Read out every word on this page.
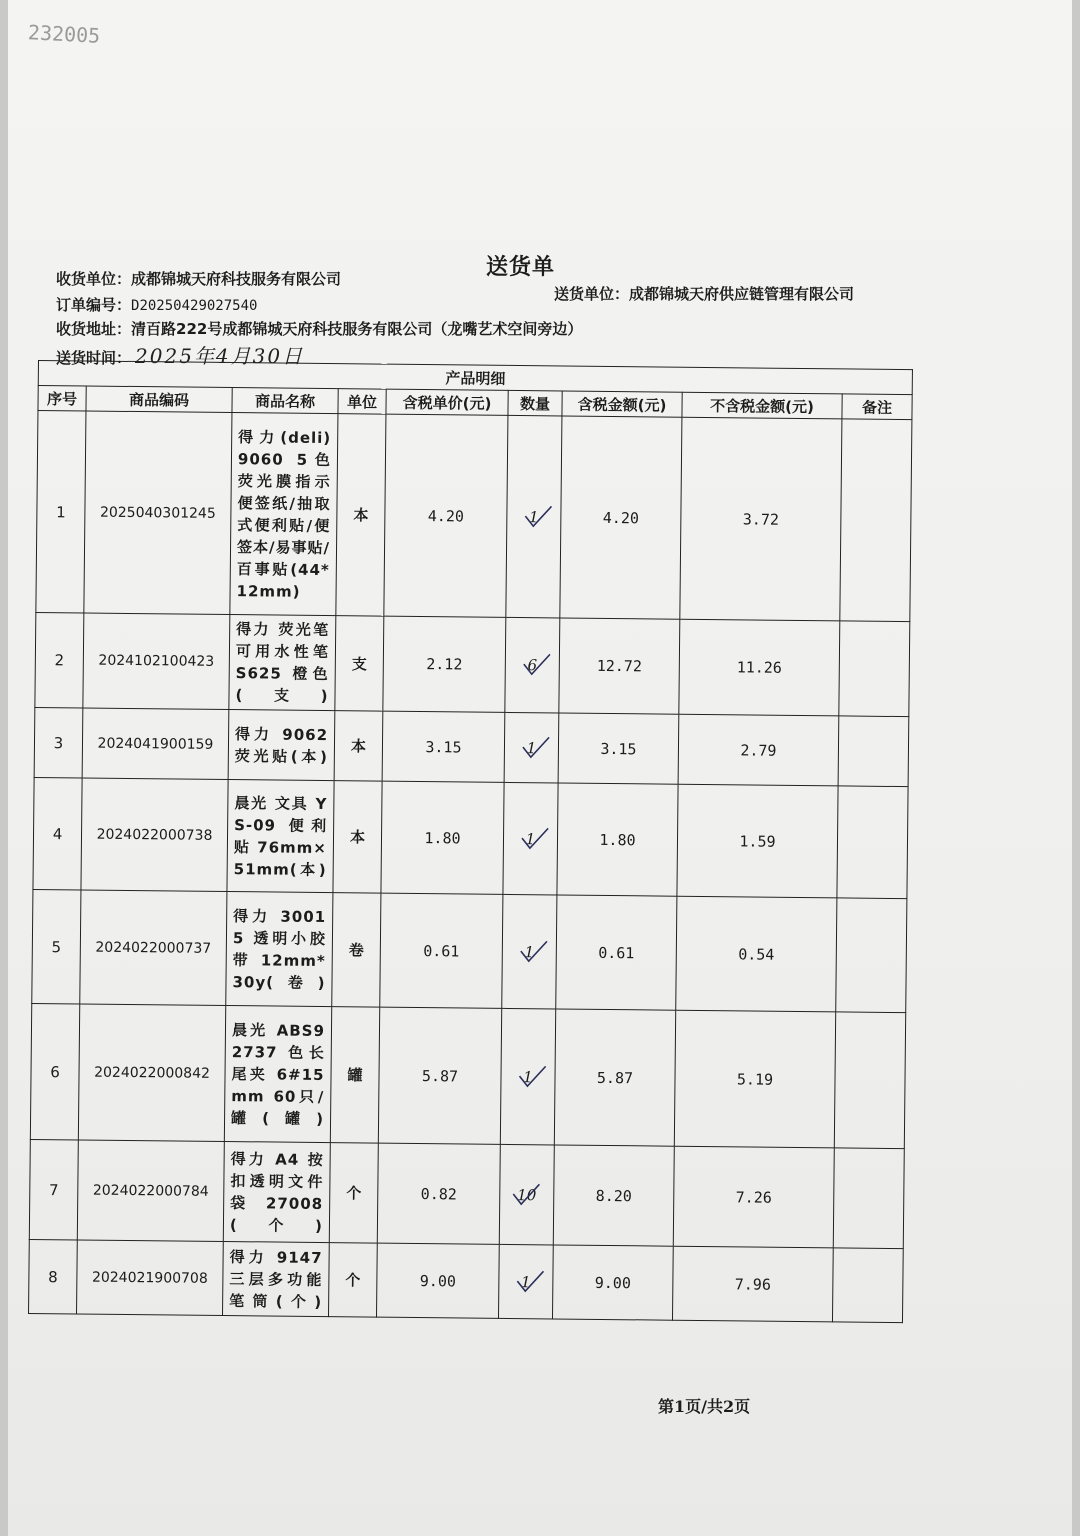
232005
送货单
收货单位：成都锦城天府科技服务有限公司
送货单位：成都锦城天府供应链管理有限公司
订单编号：D20250429027540
收货地址：清百路222号成都锦城天府科技服务有限公司（龙嘴艺术空间旁边）
送货时间： 2025年4月30日
产品明细								
序号	商品编码	商品名称	单位	含税单价(元)	数量	含税金额(元)	不含税金额(元)	备注
1	2025040301245	得力(deli)9060 5色荧光膜指示便签纸/抽取式便利贴/便签本/易事贴/百事贴(44*12mm)	本	4.20	1	4.20	3.72	
2	2024102100423	得力 荧光笔可用水性笔 S625 橙色(支)	支	2.12	6	12.72	11.26	
3	2024041900159	得力 9062 荧光贴(本)	本	3.15	1	3.15	2.79	
4	2024022000738	晨光 文具 YS-09 便利贴 76mm×51mm(本)	本	1.80	1	1.80	1.59	
5	2024022000737	得力 30015 透明小胶带 12mm*30y(卷)	卷	0.61	1	0.61	0.54	
6	2024022000842	晨光 ABS92737 色长尾夹 6#15mm 60只/罐(罐)	罐	5.87	1	5.87	5.19	
7	2024022000784	得力 A4 按扣透明文件袋 27008(个)	个	0.82	10	8.20	7.26	
8	2024021900708	得力 9147 三层多功能笔筒(个)	个	9.00	1	9.00	7.96	
第1页/共2页
